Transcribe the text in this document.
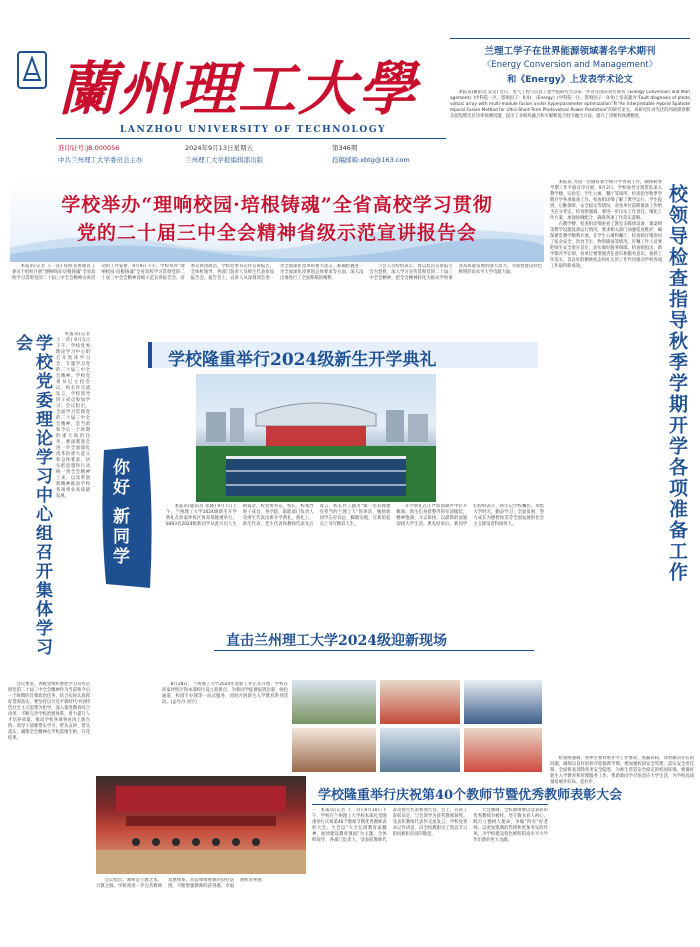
蘭州理工大學
LANZHOU UNIVERSITY OF TECHNOLOGY
准印证号:JB.000056	2024年9月13日星期五	第346期
中共兰州理工大学委员会主办	兰州理工大学报编辑部出版	投稿邮箱:xbtg@163.com
兰理工学子在世界能源领域著名学术期刊
《Energy Conversion and Management》
和《Energy》上发表学术论文

本报讯(通讯员 吴昊) 近日，电气工程与信息工程学院研究生以第一作者在国际知名期刊《Energy Conversion and Management》(中科院一区，影响因子：9.9)、《Energy》(中科院一区，影响因子：9.0)上发表题为“Fault diagnosis of photovoltaic array with multi-module fusion under hyperparameter optimization”和“An Interpretable Hybrid Spatiotemporal Fusion Method for Ultra-Short-Term Photovoltaic Power Prediction”的研究论文。该研究针对光伏阵列故障诊断及超短期光伏功率预测问题，提出了多模块融合和可解释混合时空融合方法，提升了诊断和预测精度。

学校举办“理响校园·培根铸魂”全省高校学习贯彻
党的二十届三中全会精神省级示范宣讲报告会

本报讯(记者 王一萍) 按照省委教育工委关于组织开展“理响校园·培根铸魂”全省高校学习贯彻党的二十届三中全会精神宣讲活动的工作安排，9月9日下午，学校举办“理响校园·培根铸魂”全省高校学习贯彻党的二十届三中全会精神省级示范宣讲报告会。省委宣讲团成员、学校党委书记作宣讲报告，全体校领导、各部门负责人及师生代表参加报告会。报告会上，宣讲人从深刻领会进一步全面深化改革的重大意义、准确把握进一步全面深化改革的总体要求等方面，深入浅出地进行了全面系统的阐释。

与会人员纷纷表示，将以此次宣讲报告会为契机，深入学习宣传贯彻党的二十届三中全会精神，把全会精神转化为推动学校事业高质量发展的强大动力，为加快建设特色鲜明的高水平大学贡献力量。

学校党委理论学习中心组召开集体学习会	本报讯(记者 王一萍) 9月5日下午，学校党委理论学习中心组召开集体学习会，专题学习党的二十届三中全会精神。学校党委书记主持会议，校长作交流发言，学校领导班子成员参加学习。会议指出，全面学习贯彻党的二十届三中全会精神，是当前和今后一个时期的重大政治任务。要深刻领会进一步全面深化改革的重大意义和总体要求，切实把思想和行动统一到全会精神上来，以改革创新精神推动学校各项事业高质量发展。

会议要求，各级党组织要把学习宣传贯彻党的二十届三中全会精神作为当前和今后一个时期的首要政治任务，结合实际认真抓好贯彻落实。要坚持以习近平新时代中国特色社会主义思想为指导，深入推进教育综合改革，不断完善学校治理体系，着力提升人才培养质量，推动学校各项事业再上新台阶。领导干部要带头学习、带头宣讲、带头落实，确保全会精神在学校落地生根、开花结果。

学校隆重举行2024级新生开学典礼
你好 新同学	本报讯(通讯员 张晓) 9月7日上午，兰州理工大学2024级新生开学典礼在彭家坪校区体育场隆重举行。8493名2024级新同学从此开启人生新篇章。校党委书记、校长、校领导班子成员，各学院、职能部门负责人及师生代表出席开学典礼。典礼上，新生代表、老生代表和教师代表先后发言，校长作了题为“做一名有理想有担当的兰理工人”的讲话，勉励新同学志存高远、脚踏实地，在新的起点上书写精彩人生。

开学典礼在庄严的国歌声中拉开帷幕。新生们身着整齐的军训服装，精神饱满、斗志昂扬，以崭新的面貌迎接大学生活。典礼结束后，新同学们纷纷表示，将牢记学校嘱托，珍惜大学时光，勤奋学习、全面发展，努力成长为德智体美劳全面发展的社会主义建设者和接班人。

直击兰州理工大学2024级迎新现场

8月28日，兰州理工大学2024年迎新工作正式开始，学校在彭家坪校区和本部校区设立迎新点，为新同学提供报到注册、绿色通道、校园卡办理等一站式服务，同时开展新生入学教育系列活动。(孟丹丹 刘宇)

本报讯 为进一步做好新学期开学各项工作，确保秋季学期工作平稳有序开展，9月2日，学校领导分别带队深入教学楼、实验室、学生公寓、餐厅等场所，检查指导秋季学期开学各项准备工作。检查组详细了解了教学运行、学生报到、后勤保障、安全稳定等情况，对各单位前期准备工作给予充分肯定。检查组强调，要进一步压实工作责任，细化工作方案，加强协调配合，确保各项工作落实落细。

在教学楼，检查组详细查看了教室多媒体设备、课桌椅等教学设施设备运行情况，要求相关部门加强巡查维护，确保课堂教学顺利开展。在学生公寓和餐厅，检查组仔细询问了宿舍安全、饮食卫生、物资储备等情况，叮嘱工作人员要把师生安全放在首位，切实做好服务保障。检查组指出，新学期开学在即，各单位要增强责任意识和服务意识，狠抓工作落实，以良好的精神状态和扎实的工作作风推动学校各项工作取得新成效。	校领导检查指导秋季学期开学各项准备工作

检查组强调，各单位要对照开学工作要求，查漏补缺，及时解决存在的问题，确保以良好的秩序迎接新学期。要加强校园安全管理，落实安全责任制，全面排查消除各类安全隐患，为师生营造安全稳定的校园环境。要做好新生入学教育和管理服务工作，帮助新同学尽快适应大学生活，为学校高质量发展开好局、起好步。

学校隆重举行庆祝第40个教师节暨优秀教师表彰大会

本报讯(记者 王一萍) 9月10日下午，学校在兰州理工大学校本部礼堂隆重举行庆祝第40个教师节暨优秀教师表彰大会。大会以“大力弘扬教育家精神，加快建设教育强国”为主题，全体校领导、各部门负责人、受表彰教师代表及师生代表参加大会。会上，宣读了表彰决定，与会领导为获奖教师颁奖。受表彰教师代表作交流发言，学校党委书记作讲话，向全校教职员工致以节日的问候和崇高的敬意。

大会强调，全校教师要以受表彰的优秀教师为榜样，坚守教书育人初心，践行立德树人使命，争做“四有”好老师，以更加饱满的热情和更加务实的作风，为学校建设特色鲜明的高水平大学作出新的更大贡献。

会议指出，教师是立教之本、兴教之源。学校将进一步完善教师发展体系，营造尊师重教的良好氛围，不断增强教师的获得感、幸福感和荣誉感。
